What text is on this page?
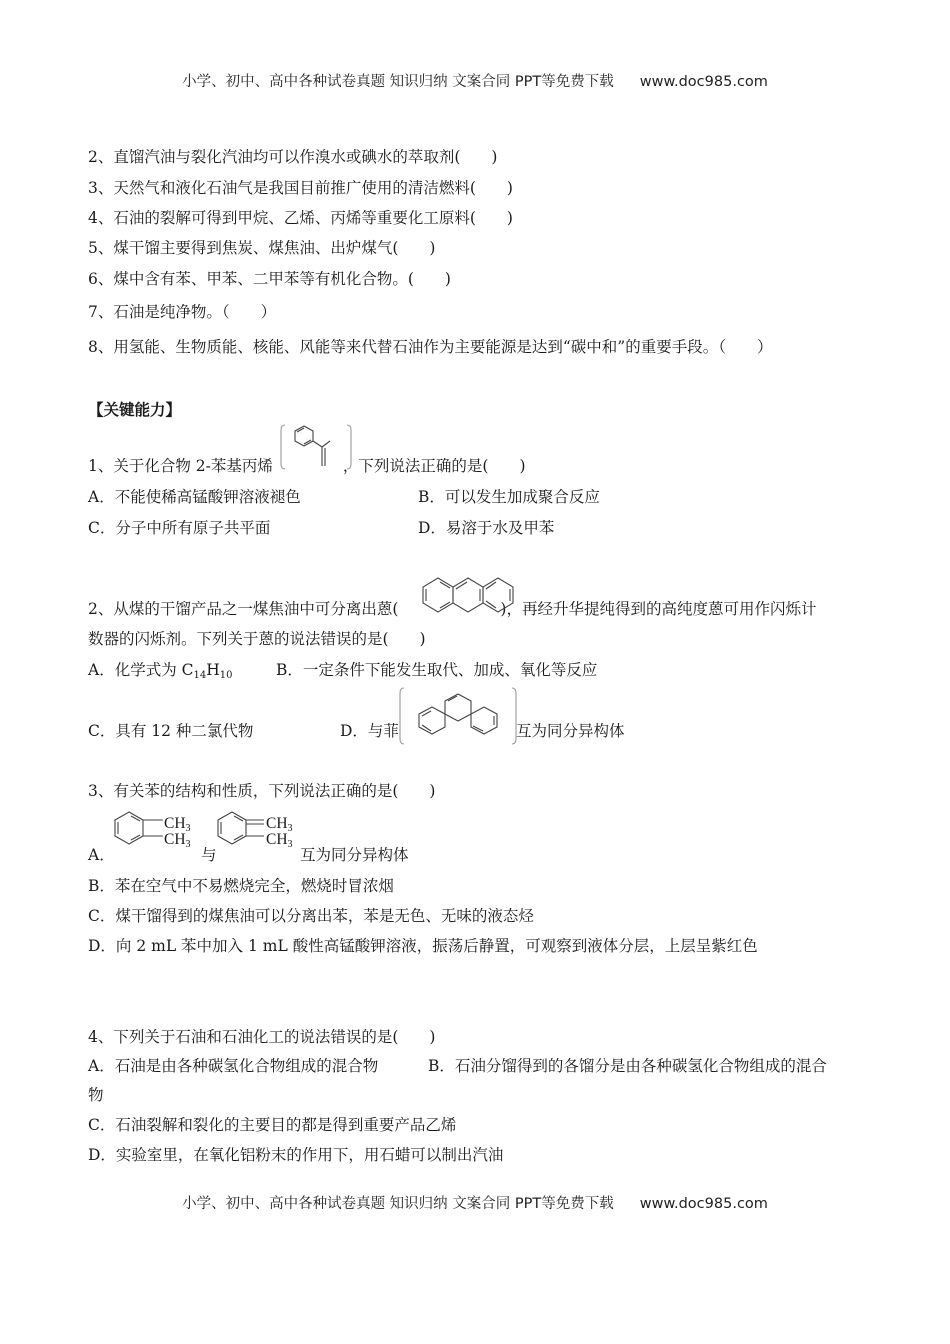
小学、初中、高中各种试卷真题 知识归纳 文案合同 PPT等免费下载 www.doc985.com
2、直馏汽油与裂化汽油均可以作溴水或碘水的萃取剂(　　)
3、天然气和液化石油气是我国目前推广使用的清洁燃料(　　)
4、石油的裂解可得到甲烷、乙烯、丙烯等重要化工原料(　　)
5、煤干馏主要得到焦炭、煤焦油、出炉煤气(　　)
6、煤中含有苯、甲苯、二甲苯等有机化合物。(　　)
7、石油是纯净物。（　　）
8、用氢能、生物质能、核能、风能等来代替石油作为主要能源是达到“碳中和”的重要手段。（　　）
【关键能力】
1、关于化合物 2-苯基丙烯	，下列说法正确的是(　　)
A．不能使稀高锰酸钾溶液褪色	B．可以发生加成聚合反应
C．分子中所有原子共平面	D．易溶于水及甲苯
2、从煤的干馏产品之一煤焦油中可分离出蒽(	)，再经升华提纯得到的高纯度蒽可用作闪烁计
数器的闪烁剂。下列关于蒽的说法错误的是(　　)
A．化学式为 $C_{14}H_{10}$	B．一定条件下能发生取代、加成、氧化等反应
C．具有 12 种二氯代物	D．与菲	互为同分异构体
3、有关苯的结构和性质，下列说法正确的是(　　)
A．
$CH_3$
$CH_3$
与
$CH_3$
$CH_3$
互为同分异构体
B．苯在空气中不易燃烧完全，燃烧时冒浓烟
C．煤干馏得到的煤焦油可以分离出苯，苯是无色、无味的液态烃
D．向 2 mL 苯中加入 1 mL 酸性高锰酸钾溶液，振荡后静置，可观察到液体分层，上层呈紫红色
4、下列关于石油和石油化工的说法错误的是(　　)
A．石油是由各种碳氢化合物组成的混合物	B．石油分馏得到的各馏分是由各种碳氢化合物组成的混合
物
C．石油裂解和裂化的主要目的都是得到重要产品乙烯
D．实验室里，在氧化铝粉末的作用下，用石蜡可以制出汽油
小学、初中、高中各种试卷真题 知识归纳 文案合同 PPT等免费下载 www.doc985.com
